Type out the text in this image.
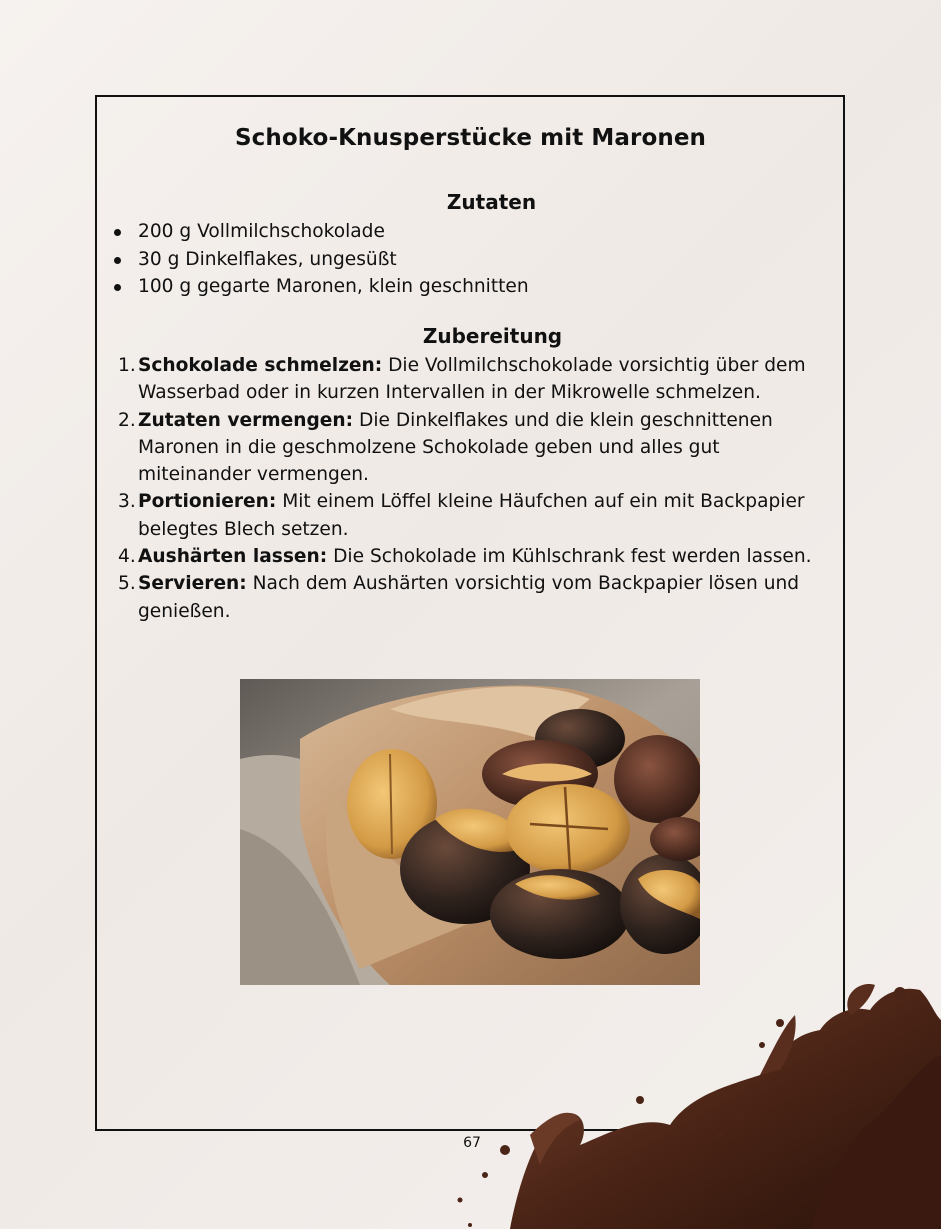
Schoko-Knusperstücke mit Maronen
Zutaten
200 g Vollmilchschokolade
30 g Dinkelflakes, ungesüßt
100 g gegarte Maronen, klein geschnitten
Zubereitung
1. Schokolade schmelzen: Die Vollmilchschokolade vorsichtig über dem Wasserbad oder in kurzen Intervallen in der Mikrowelle schmelzen.
2. Zutaten vermengen: Die Dinkelflakes und die klein geschnittenen Maronen in die geschmolzene Schokolade geben und alles gut miteinander vermengen.
3. Portionieren: Mit einem Löffel kleine Häufchen auf ein mit Backpapier belegtes Blech setzen.
4. Aushärten lassen: Die Schokolade im Kühlschrank fest werden lassen.
5. Servieren: Nach dem Aushärten vorsichtig vom Backpapier lösen und genießen.
67
